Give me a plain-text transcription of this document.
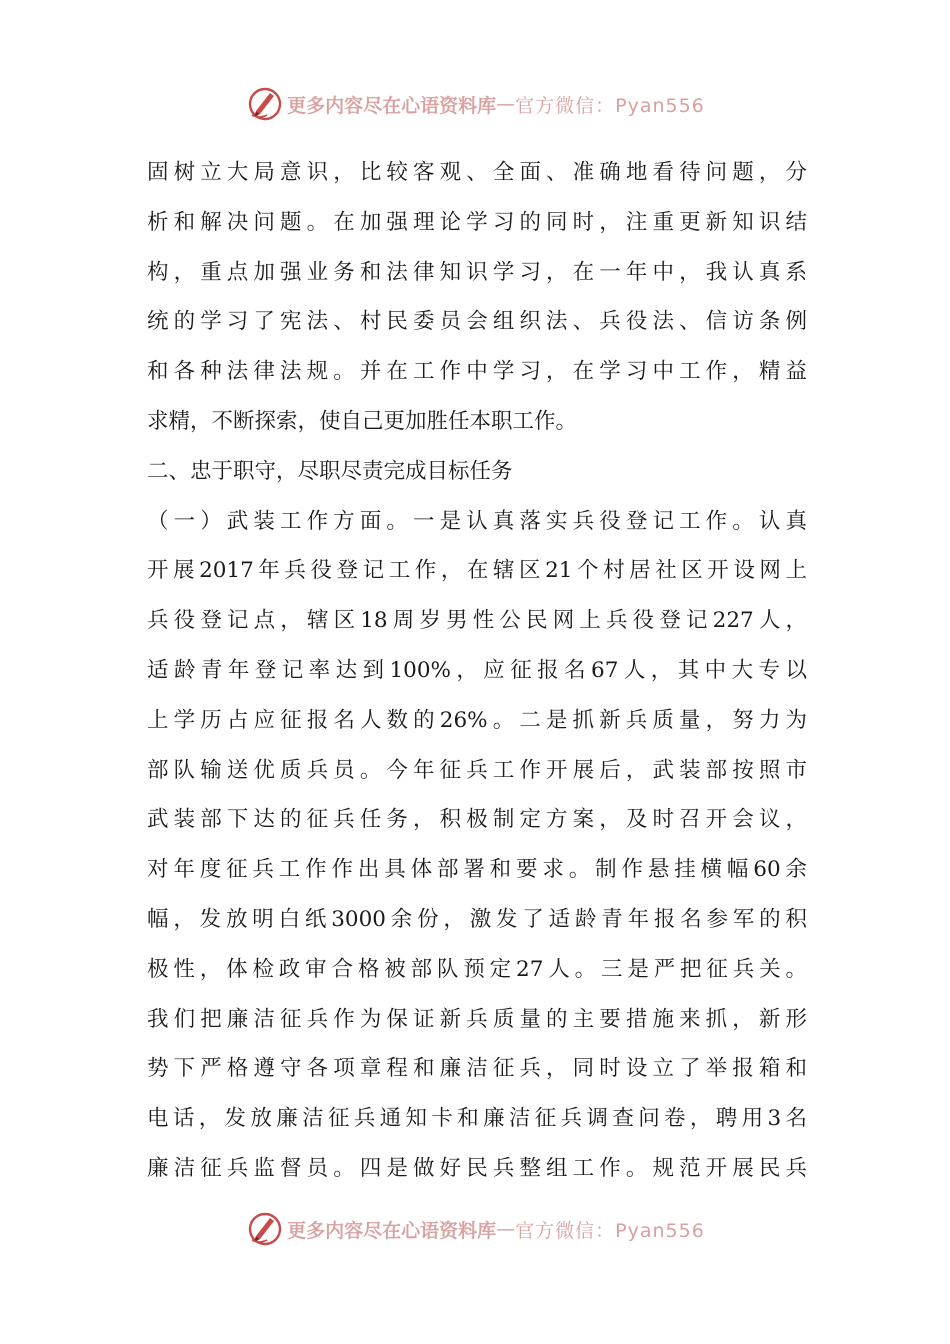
更多内容尽在心语资料库 — 官方微信：Pyan556
固树立大局意识，比较客观、全面、准确地看待问题，分
析和解决问题。在加强理论学习的同时，注重更新知识结
构，重点加强业务和法律知识学习，在一年中，我认真系
统的学习了宪法、村民委员会组织法、兵役法、信访条例
和各种法律法规。并在工作中学习，在学习中工作，精益
求精，不断探索，使自己更加胜任本职工作。
二、忠于职守，尽职尽责完成目标任务
（一）武装工作方面。一是认真落实兵役登记工作。认真
开展2017年兵役登记工作，在辖区21个村居社区开设网上
兵役登记点，辖区18周岁男性公民网上兵役登记227人，
适龄青年登记率达到100%，应征报名67人，其中大专以
上学历占应征报名人数的26%。二是抓新兵质量，努力为
部队输送优质兵员。今年征兵工作开展后，武装部按照市
武装部下达的征兵任务，积极制定方案，及时召开会议，
对年度征兵工作作出具体部署和要求。制作悬挂横幅60余
幅，发放明白纸3000余份，激发了适龄青年报名参军的积
极性，体检政审合格被部队预定27人。三是严把征兵关。
我们把廉洁征兵作为保证新兵质量的主要措施来抓，新形
势下严格遵守各项章程和廉洁征兵，同时设立了举报箱和
电话，发放廉洁征兵通知卡和廉洁征兵调查问卷，聘用3名
廉洁征兵监督员。四是做好民兵整组工作。规范开展民兵
更多内容尽在心语资料库 — 官方微信：Pyan556
